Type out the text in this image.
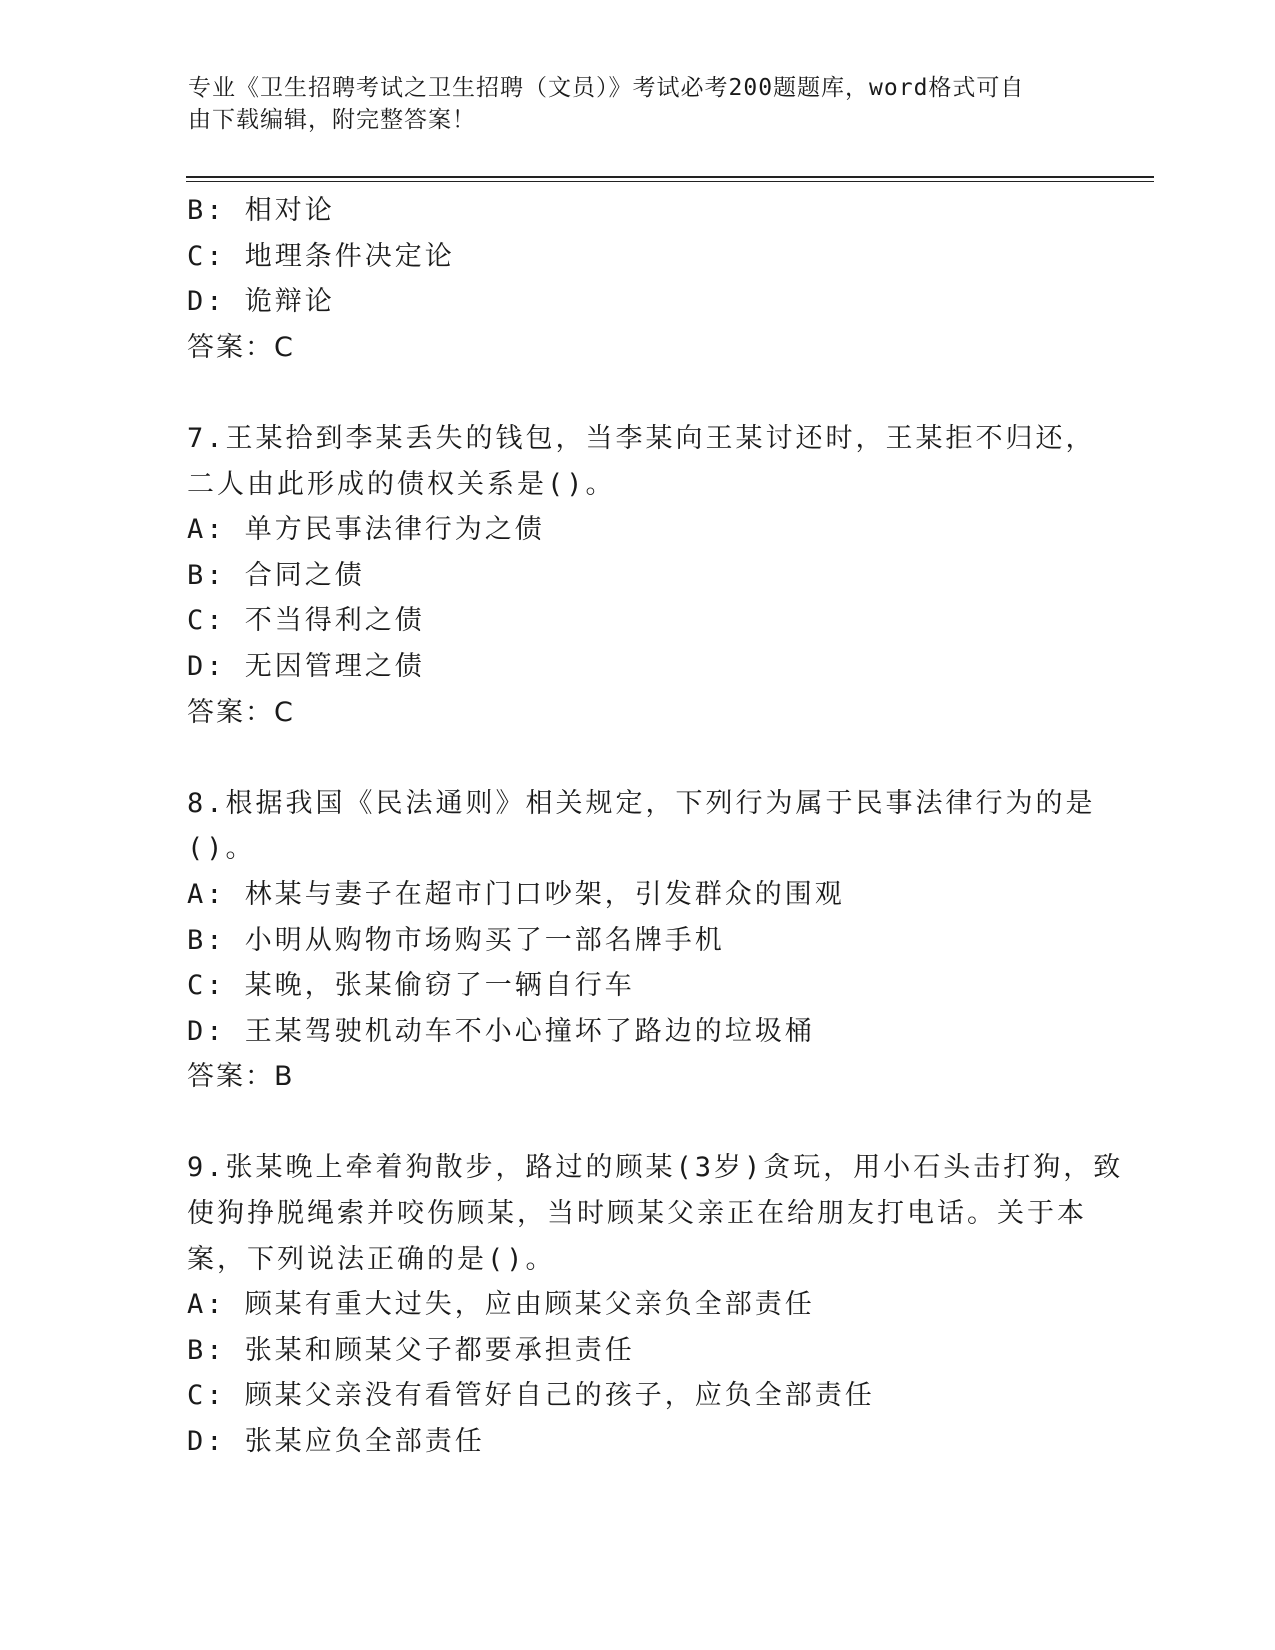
专业《卫生招聘考试之卫生招聘（文员）》考试必考200题题库，word格式可自
由下载编辑，附完整答案！
B: 相对论
C: 地理条件决定论
D: 诡辩论
答案：C
7.王某拾到李某丢失的钱包，当李某向王某讨还时，王某拒不归还，
二人由此形成的债权关系是()。
A: 单方民事法律行为之债
B: 合同之债
C: 不当得利之债
D: 无因管理之债
答案：C
8.根据我国《民法通则》相关规定，下列行为属于民事法律行为的是
()。
A: 林某与妻子在超市门口吵架，引发群众的围观
B: 小明从购物市场购买了一部名牌手机
C: 某晚，张某偷窃了一辆自行车
D: 王某驾驶机动车不小心撞坏了路边的垃圾桶
答案：B
9.张某晚上牵着狗散步，路过的顾某(3岁)贪玩，用小石头击打狗，致
使狗挣脱绳索并咬伤顾某，当时顾某父亲正在给朋友打电话。关于本
案，下列说法正确的是()。
A: 顾某有重大过失，应由顾某父亲负全部责任
B: 张某和顾某父子都要承担责任
C: 顾某父亲没有看管好自己的孩子，应负全部责任
D: 张某应负全部责任
